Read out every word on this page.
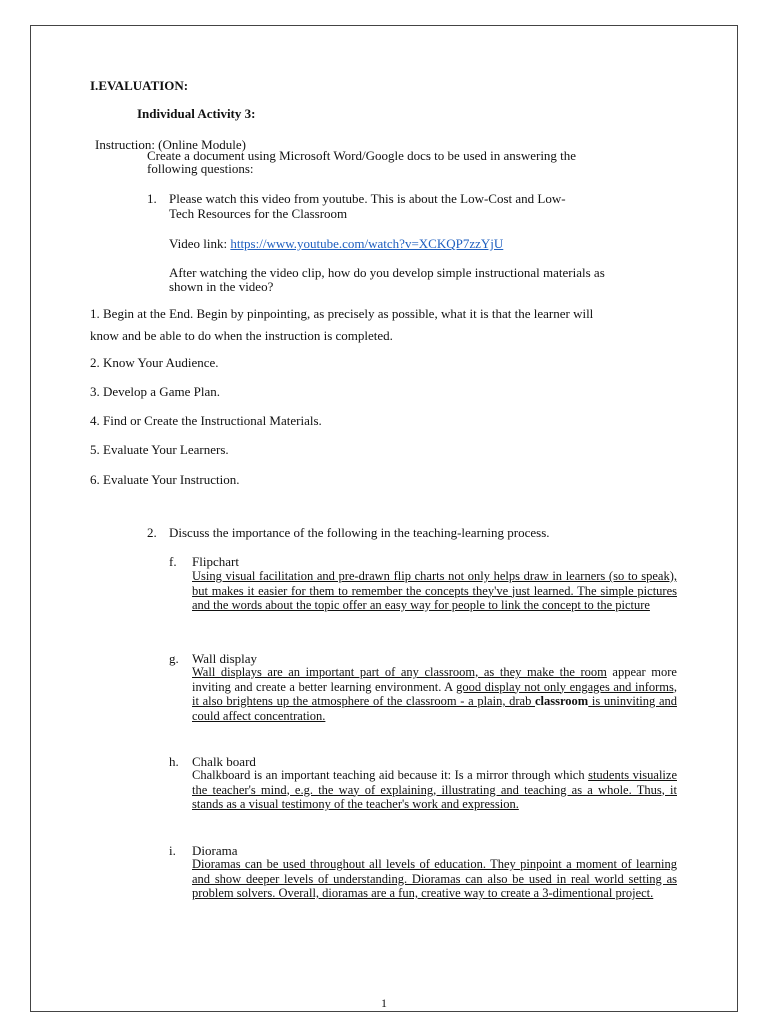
I.EVALUATION:
Individual Activity 3:
Instruction: (Online Module)
Create a document using Microsoft Word/Google docs to be used in answering the
following questions:
1. Please watch this video from youtube. This is about the Low-Cost and Low-
Tech Resources for the Classroom
Video link: https://www.youtube.com/watch?v=XCKQP7zzYjU
After watching the video clip, how do you develop simple instructional materials as
shown in the video?
1. Begin at the End. Begin by pinpointing, as precisely as possible, what it is that the learner will
know and be able to do when the instruction is completed.
2. Know Your Audience.
3. Develop a Game Plan.
4. Find or Create the Instructional Materials.
5. Evaluate Your Learners.
6. Evaluate Your Instruction.
2. Discuss the importance of the following in the teaching-learning process.
f. Flipchart
Using visual facilitation and pre-drawn flip charts not only helps draw in learners (so to speak), but makes it easier for them to remember the concepts they've just learned. The simple pictures and the words about the topic offer an easy way for people to link the concept to the picture
g. Wall display
Wall displays are an important part of any classroom, as they make the room appear more inviting and create a better learning environment. A good display not only engages and informs, it also brightens up the atmosphere of the classroom - a plain, drab classroom is uninviting and could affect concentration.
h. Chalk board
Chalkboard is an important teaching aid because it: Is a mirror through which students visualize the teacher's mind, e.g. the way of explaining, illustrating and teaching as a whole. Thus, it stands as a visual testimony of the teacher's work and expression.
i. Diorama
Dioramas can be used throughout all levels of education. They pinpoint a moment of learning and show deeper levels of understanding. Dioramas can also be used in real world setting as problem solvers. Overall, dioramas are a fun, creative way to create a 3-dimentional project.
1
